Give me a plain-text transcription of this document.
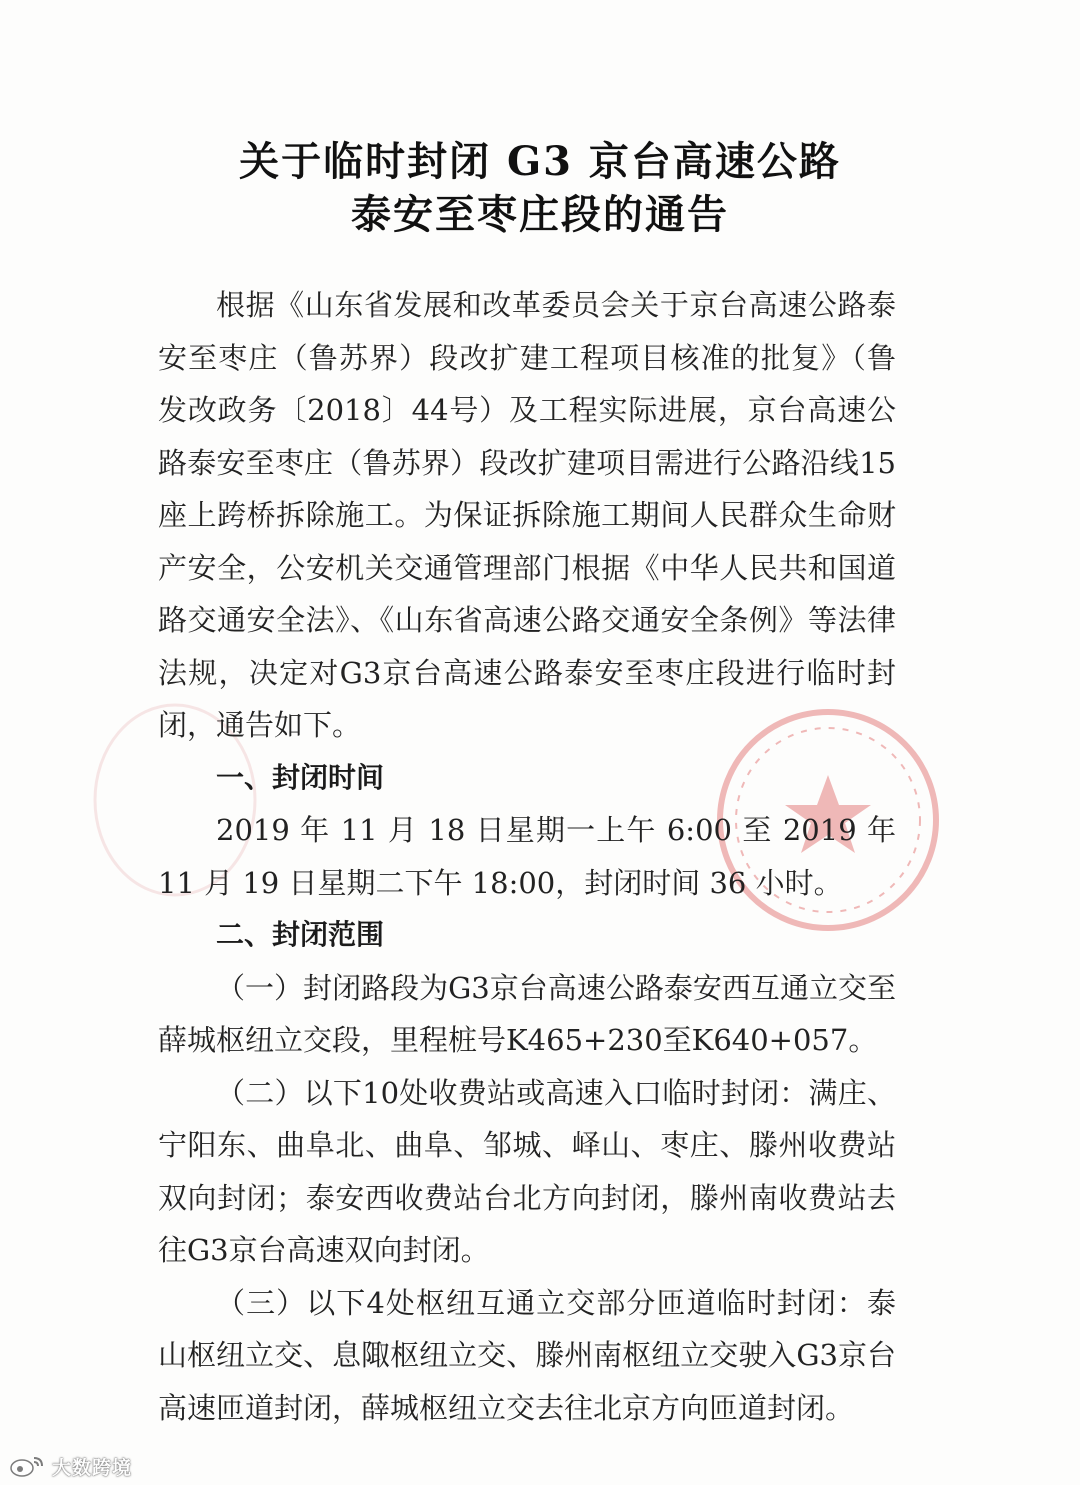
关于临时封闭 G3 京台高速公路
泰安至枣庄段的通告

根据《山东省发展和改革委员会关于京台高速公路泰安至枣庄（鲁苏界）段改扩建工程项目核准的批复》（鲁发改政务〔2018〕44号）及工程实际进展，京台高速公路泰安至枣庄（鲁苏界）段改扩建项目需进行公路沿线15座上跨桥拆除施工。为保证拆除施工期间人民群众生命财产安全，公安机关交通管理部门根据《中华人民共和国道路交通安全法》、《山东省高速公路交通安全条例》等法律法规，决定对G3京台高速公路泰安至枣庄段进行临时封闭，通告如下。

一、封闭时间

2019 年 11 月 18 日星期一上午 6:00 至 2019 年 11 月 19 日星期二下午 18:00，封闭时间 36 小时。

二、封闭范围

（一）封闭路段为G3京台高速公路泰安西互通立交至薛城枢纽立交段，里程桩号K465+230至K640+057。

（二）以下10处收费站或高速入口临时封闭：满庄、宁阳东、曲阜北、曲阜、邹城、峄山、枣庄、滕州收费站双向封闭；泰安西收费站台北方向封闭，滕州南收费站去往G3京台高速双向封闭。

（三）以下4处枢纽互通立交部分匝道临时封闭：泰山枢纽立交、息陬枢纽立交、滕州南枢纽立交驶入G3京台高速匝道封闭，薛城枢纽立交去往北京方向匝道封闭。

大数跨境
